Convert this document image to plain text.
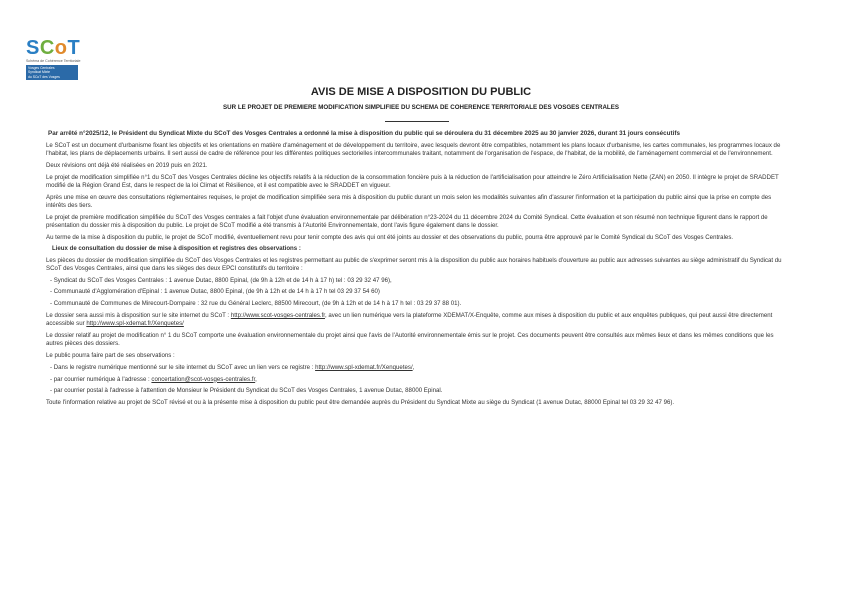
SCoT
Schéma de Cohérence Territoriale
Vosges Centrales
Syndicat Mixte
du SCoT des Vosges
AVIS DE MISE A DISPOSITION DU PUBLIC
SUR LE PROJET DE PREMIERE MODIFICATION SIMPLIFIEE DU SCHEMA DE COHERENCE TERRITORIALE DES VOSGES CENTRALES

Par arrêté n°2025/12, le Président du Syndicat Mixte du SCoT des Vosges Centrales a ordonné la mise à disposition du public qui se déroulera du 31 décembre 2025 au 30 janvier 2026, durant 31 jours consécutifs

Le SCoT est un document d'urbanisme fixant les objectifs et les orientations en matière d'aménagement et de développement du territoire, avec lesquels devront être compatibles, notamment les plans locaux d'urbanisme, les cartes communales, les programmes locaux de l'habitat, les plans de déplacements urbains. Il sert aussi de cadre de référence pour les différentes politiques sectorielles intercommunales traitant, notamment de l'organisation de l'espace, de l'habitat, de la mobilité, de l'aménagement commercial et de l'environnement.

Deux révisions ont déjà été réalisées en 2019 puis en 2021.

Le projet de modification simplifiée n°1 du SCoT des Vosges Centrales décline les objectifs relatifs à la réduction de la consommation foncière puis à la réduction de l'artificialisation pour atteindre le Zéro Artificialisation Nette (ZAN) en 2050. Il intègre le projet de SRADDET modifié de la Région Grand Est, dans le respect de la loi Climat et Résilience, et il est compatible avec le SRADDET en vigueur.

Après une mise en œuvre des consultations réglementaires requises, le projet de modification simplifiée sera mis à disposition du public durant un mois selon les modalités suivantes afin d'assurer l'information et la participation du public ainsi que la prise en compte des intérêts des tiers.

Le projet de première modification simplifiée du SCoT des Vosges centrales a fait l'objet d'une évaluation environnementale par délibération n°23-2024 du 11 décembre 2024 du Comité Syndical. Cette évaluation et son résumé non technique figurent dans le rapport de présentation du dossier mis à disposition du public. Le projet de SCoT modifié a été transmis à l'Autorité Environnementale, dont l'avis figure également dans le dossier.

Au terme de la mise à disposition du public, le projet de SCoT modifié, éventuellement revu pour tenir compte des avis qui ont été joints au dossier et des observations du public, pourra être approuvé par le Comité Syndical du SCoT des Vosges Centrales.

Lieux de consultation du dossier de mise à disposition et registres des observations :

Les pièces du dossier de modification simplifiée du SCoT des Vosges Centrales et les registres permettant au public de s'exprimer seront mis à la disposition du public aux horaires habituels d'ouverture au public aux adresses suivantes au siège administratif du Syndicat du SCoT des Vosges Centrales, ainsi que dans les sièges des deux EPCI constitutifs du territoire :

- Syndicat du SCoT des Vosges Centrales : 1 avenue Dutac, 8800 Epinal, (de 9h à 12h et de 14 h à 17 h) tel : 03 29 32 47 96),

- Communauté d'Agglomération d'Epinal : 1 avenue Dutac, 8800 Epinal, (de 9h à 12h et de 14 h à 17 h tel 03 29 37 54 60)

- Communauté de Communes de Mirecourt-Dompaire : 32 rue du Général Leclerc, 88500 Mirecourt, (de 9h à 12h et de 14 h à 17 h tel : 03 29 37 88 01).

Le dossier sera aussi mis à disposition sur le site internet du SCoT : http://www.scot-vosges-centrales.fr, avec un lien numérique vers la plateforme XDEMAT/X-Enquête, comme aux mises à disposition du public et aux enquêtes publiques, qui peut aussi être directement accessible sur http://www.spl-xdemat.fr/Xenquetes/

Le dossier relatif au projet de modification n° 1 du SCoT comporte une évaluation environnementale du projet ainsi que l'avis de l'Autorité environnementale émis sur le projet. Ces documents peuvent être consultés aux mêmes lieux et dans les mêmes conditions que les autres pièces des dossiers.

Le public pourra faire part de ses observations :

- Dans le registre numérique mentionné sur le site internet du SCoT avec un lien vers ce registre : http://www.spl-xdemat.fr/Xenquetes/,

- par courrier numérique à l'adresse : concertation@scot-vosges-centrales.fr,

- par courrier postal à l'adresse à l'attention de Monsieur le Président du Syndicat du SCoT des Vosges Centrales, 1 avenue Dutac, 88000 Epinal.

Toute l'information relative au projet de SCoT révisé et ou à la présente mise à disposition du public peut être demandée auprès du Président du Syndicat Mixte au siège du Syndicat (1 avenue Dutac, 88000 Epinal tel 03 29 32 47 96).
